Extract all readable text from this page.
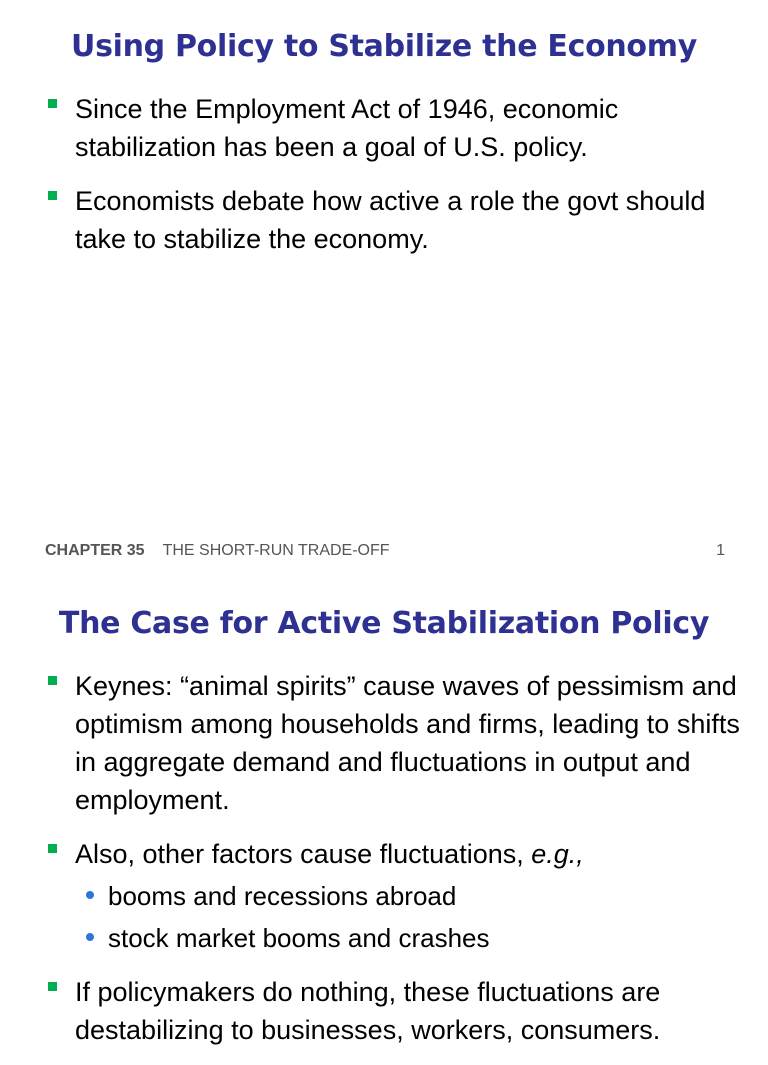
Using Policy to Stabilize the Economy
Since the Employment Act of 1946, economic stabilization has been a goal of U.S. policy.
Economists debate how active a role the govt should take to stabilize the economy.
CHAPTER 35 THE SHORT-RUN TRADE-OFF	1
The Case for Active Stabilization Policy
Keynes: “animal spirits” cause waves of pessimism and optimism among households and firms, leading to shifts in aggregate demand and fluctuations in output and employment.
Also, other factors cause fluctuations, e.g.,
booms and recessions abroad
stock market booms and crashes
If policymakers do nothing, these fluctuations are destabilizing to businesses, workers, consumers.
